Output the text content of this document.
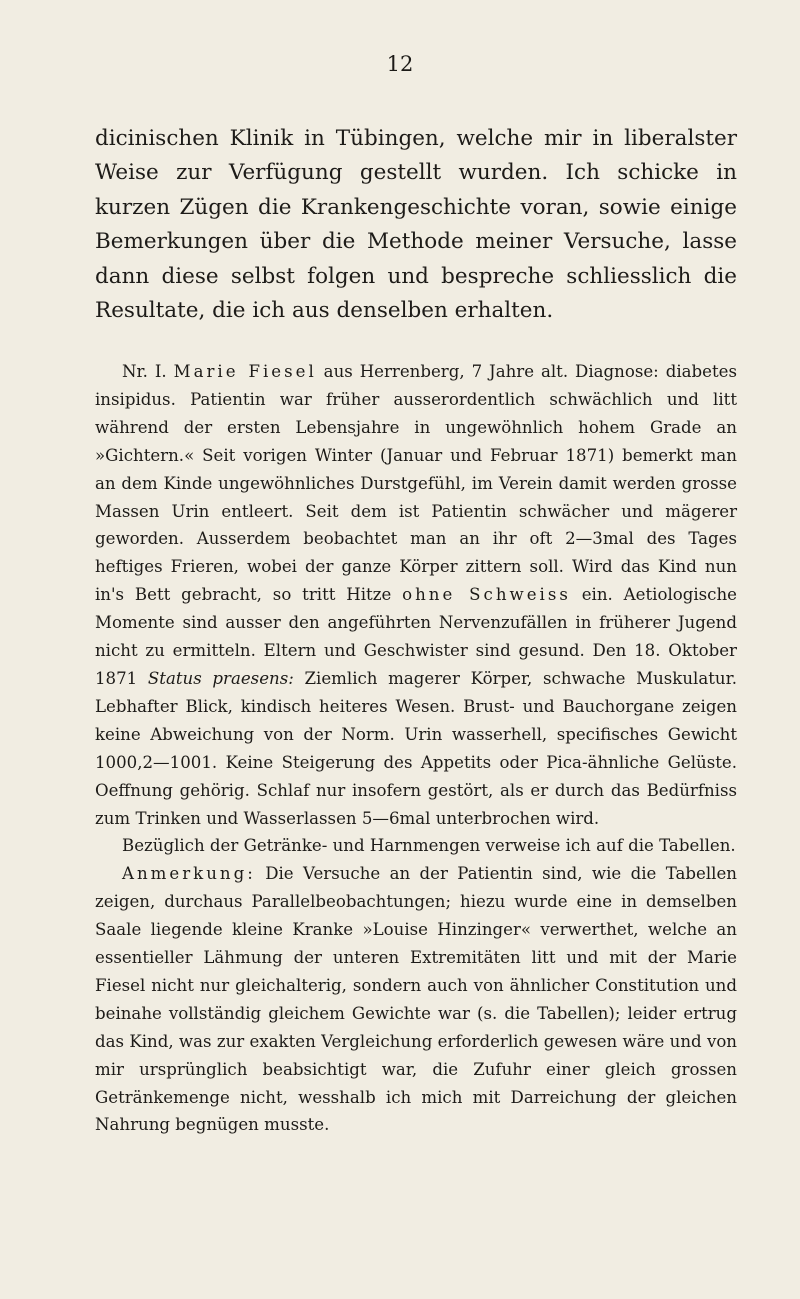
12

dicinischen Klinik in Tübingen, welche mir in liberalster Weise zur Verfügung gestellt wurden. Ich schicke in kurzen Zügen die Krankengeschichte voran, sowie einige Bemerkungen über die Methode meiner Versuche, lasse dann diese selbst folgen und bespreche schliesslich die Resultate, die ich aus denselben erhalten.

Nr. I. Marie Fiesel aus Herrenberg, 7 Jahre alt. Diagnose: diabetes insipidus. Patientin war früher ausserordentlich schwächlich und litt während der ersten Lebensjahre in ungewöhnlich hohem Grade an »Gichtern.« Seit vorigen Winter (Januar und Februar 1871) bemerkt man an dem Kinde ungewöhnliches Durstgefühl, im Verein damit werden grosse Massen Urin entleert. Seit dem ist Patientin schwächer und mägerer geworden. Ausserdem beobachtet man an ihr oft 2—3mal des Tages heftiges Frieren, wobei der ganze Körper zittern soll. Wird das Kind nun in's Bett gebracht, so tritt Hitze ohne Schweiss ein. Aetiologische Momente sind ausser den angeführten Nervenzufällen in früherer Jugend nicht zu ermitteln. Eltern und Geschwister sind gesund. Den 18. Oktober 1871 Status praesens: Ziemlich magerer Körper, schwache Muskulatur. Lebhafter Blick, kindisch heiteres Wesen. Brust- und Bauchorgane zeigen keine Abweichung von der Norm. Urin wasserhell, specifisches Gewicht 1000,2—1001. Keine Steigerung des Appetits oder Pica-ähnliche Gelüste. Oeffnung gehörig. Schlaf nur insofern gestört, als er durch das Bedürfniss zum Trinken und Wasserlassen 5—6mal unterbrochen wird.

Bezüglich der Getränke- und Harnmengen verweise ich auf die Tabellen.

Anmerkung: Die Versuche an der Patientin sind, wie die Tabellen zeigen, durchaus Parallelbeobachtungen; hiezu wurde eine in demselben Saale liegende kleine Kranke »Louise Hinzinger« verwerthet, welche an essentieller Lähmung der unteren Extremitäten litt und mit der Marie Fiesel nicht nur gleichalterig, sondern auch von ähnlicher Constitution und beinahe vollständig gleichem Gewichte war (s. die Tabellen); leider ertrug das Kind, was zur exakten Vergleichung erforderlich gewesen wäre und von mir ursprünglich beabsichtigt war, die Zufuhr einer gleich grossen Getränkemenge nicht, wesshalb ich mich mit Darreichung der gleichen Nahrung begnügen musste.
